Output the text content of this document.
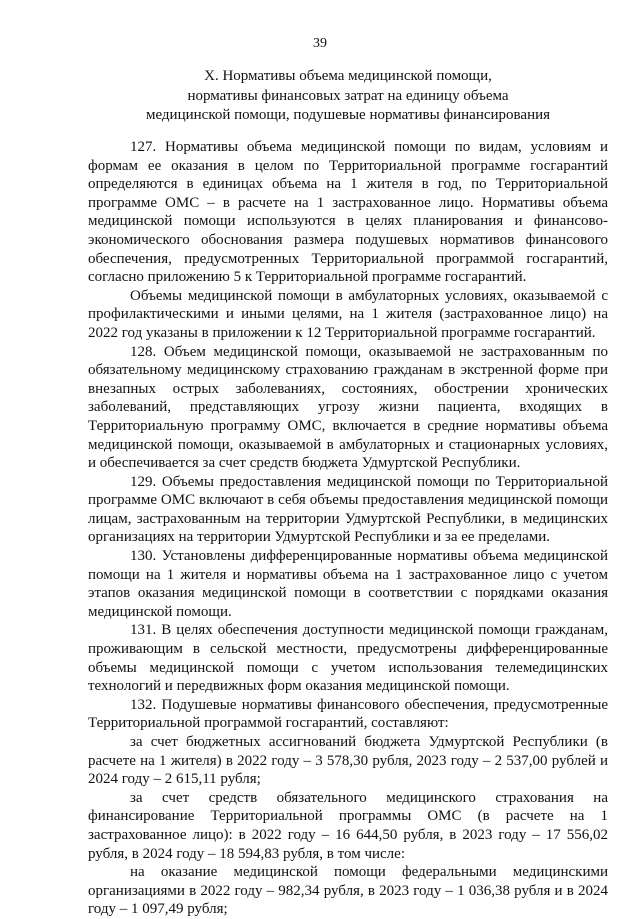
39
X. Нормативы объема медицинской помощи,
нормативы финансовых затрат на единицу объема
медицинской помощи, подушевые нормативы финансирования

127. Нормативы объема медицинской помощи по видам, условиям и формам ее оказания в целом по Территориальной программе госгарантий определяются в единицах объема на 1 жителя в год, по Территориальной программе ОМС – в расчете на 1 застрахованное лицо. Нормативы объема медицинской помощи используются в целях планирования и финансово-экономического обоснования размера подушевых нормативов финансового обеспечения, предусмотренных Территориальной программой госгарантий, согласно приложению 5 к Территориальной программе госгарантий.

Объемы медицинской помощи в амбулаторных условиях, оказываемой с профилактическими и иными целями, на 1 жителя (застрахованное лицо) на 2022 год указаны в приложении к 12 Территориальной программе госгарантий.

128. Объем медицинской помощи, оказываемой не застрахованным по обязательному медицинскому страхованию гражданам в экстренной форме при внезапных острых заболеваниях, состояниях, обострении хронических заболеваний, представляющих угрозу жизни пациента, входящих в Территориальную программу ОМС, включается в средние нормативы объема медицинской помощи, оказываемой в амбулаторных и стационарных условиях, и обеспечивается за счет средств бюджета Удмуртской Республики.

129. Объемы предоставления медицинской помощи по Территориальной программе ОМС включают в себя объемы предоставления медицинской помощи лицам, застрахованным на территории Удмуртской Республики, в медицинских организациях на территории Удмуртской Республики и за ее пределами.

130. Установлены дифференцированные нормативы объема медицинской помощи на 1 жителя и нормативы объема на 1 застрахованное лицо с учетом этапов оказания медицинской помощи в соответствии с порядками оказания медицинской помощи.

131. В целях обеспечения доступности медицинской помощи гражданам, проживающим в сельской местности, предусмотрены дифференцированные объемы медицинской помощи с учетом использования телемедицинских технологий и передвижных форм оказания медицинской помощи.

132. Подушевые нормативы финансового обеспечения, предусмотренные Территориальной программой госгарантий, составляют:

за счет бюджетных ассигнований бюджета Удмуртской Республики (в расчете на 1 жителя) в 2022 году – 3 578,30 рубля, 2023 году – 2 537,00 рублей и 2024 году – 2 615,11 рубля;

за счет средств обязательного медицинского страхования на финансирование Территориальной программы ОМС (в расчете на 1 застрахованное лицо): в 2022 году – 16 644,50 рубля, в 2023 году – 17 556,02 рубля, в 2024 году – 18 594,83 рубля, в том числе:

на оказание медицинской помощи федеральными медицинскими организациями в 2022 году – 982,34 рубля, в 2023 году – 1 036,38 рубля и в 2024 году – 1 097,49 рубля;
